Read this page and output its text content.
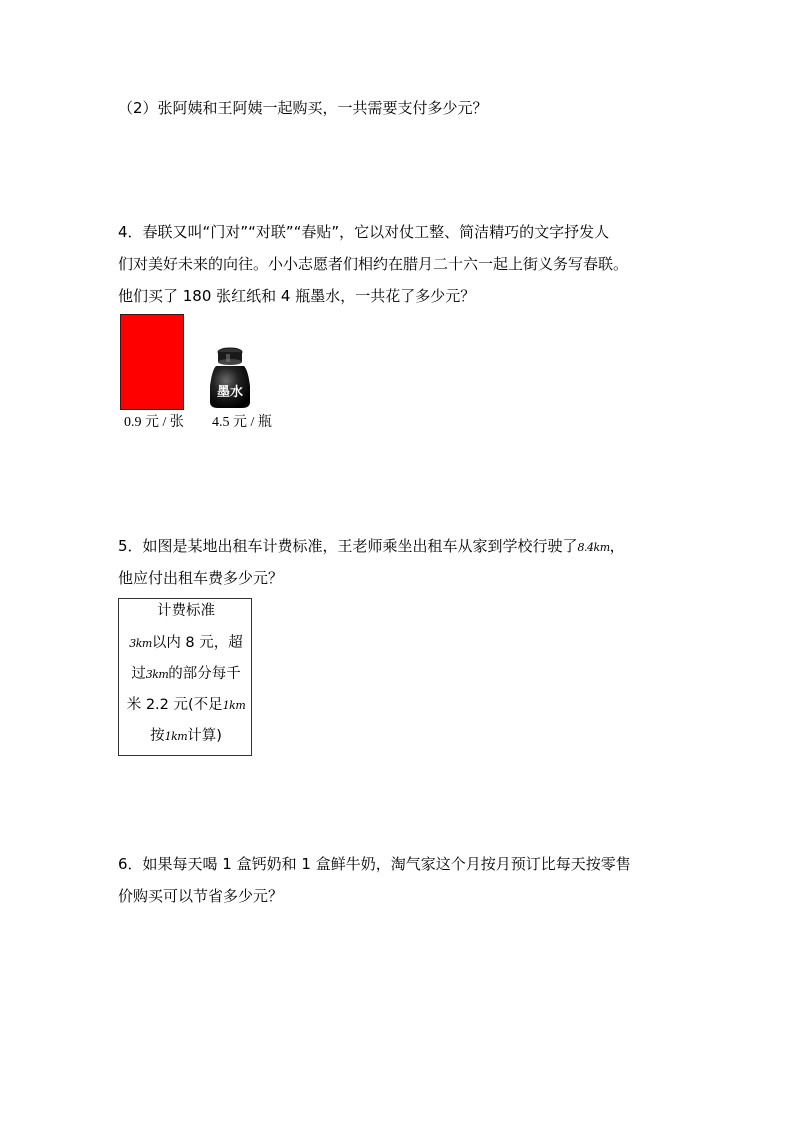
（2）张阿姨和王阿姨一起购买，一共需要支付多少元？
4．春联又叫“门对”“对联”“春贴”，它以对仗工整、简洁精巧的文字抒发人
们对美好未来的向往。小小志愿者们相约在腊月二十六一起上街义务写春联。
他们买了 180 张红纸和 4 瓶墨水，一共花了多少元？
墨水
0.9 元 / 张 4.5 元 / 瓶
5．如图是某地出租车计费标准，王老师乘坐出租车从家到学校行驶了8.4km，
他应付出租车费多少元？
计费标准
3km以内 8 元，超
过3km的部分每千
米 2.2 元(不足1km
按1km计算)
6．如果每天喝 1 盒钙奶和 1 盒鲜牛奶，淘气家这个月按月预订比每天按零售
价购买可以节省多少元？
